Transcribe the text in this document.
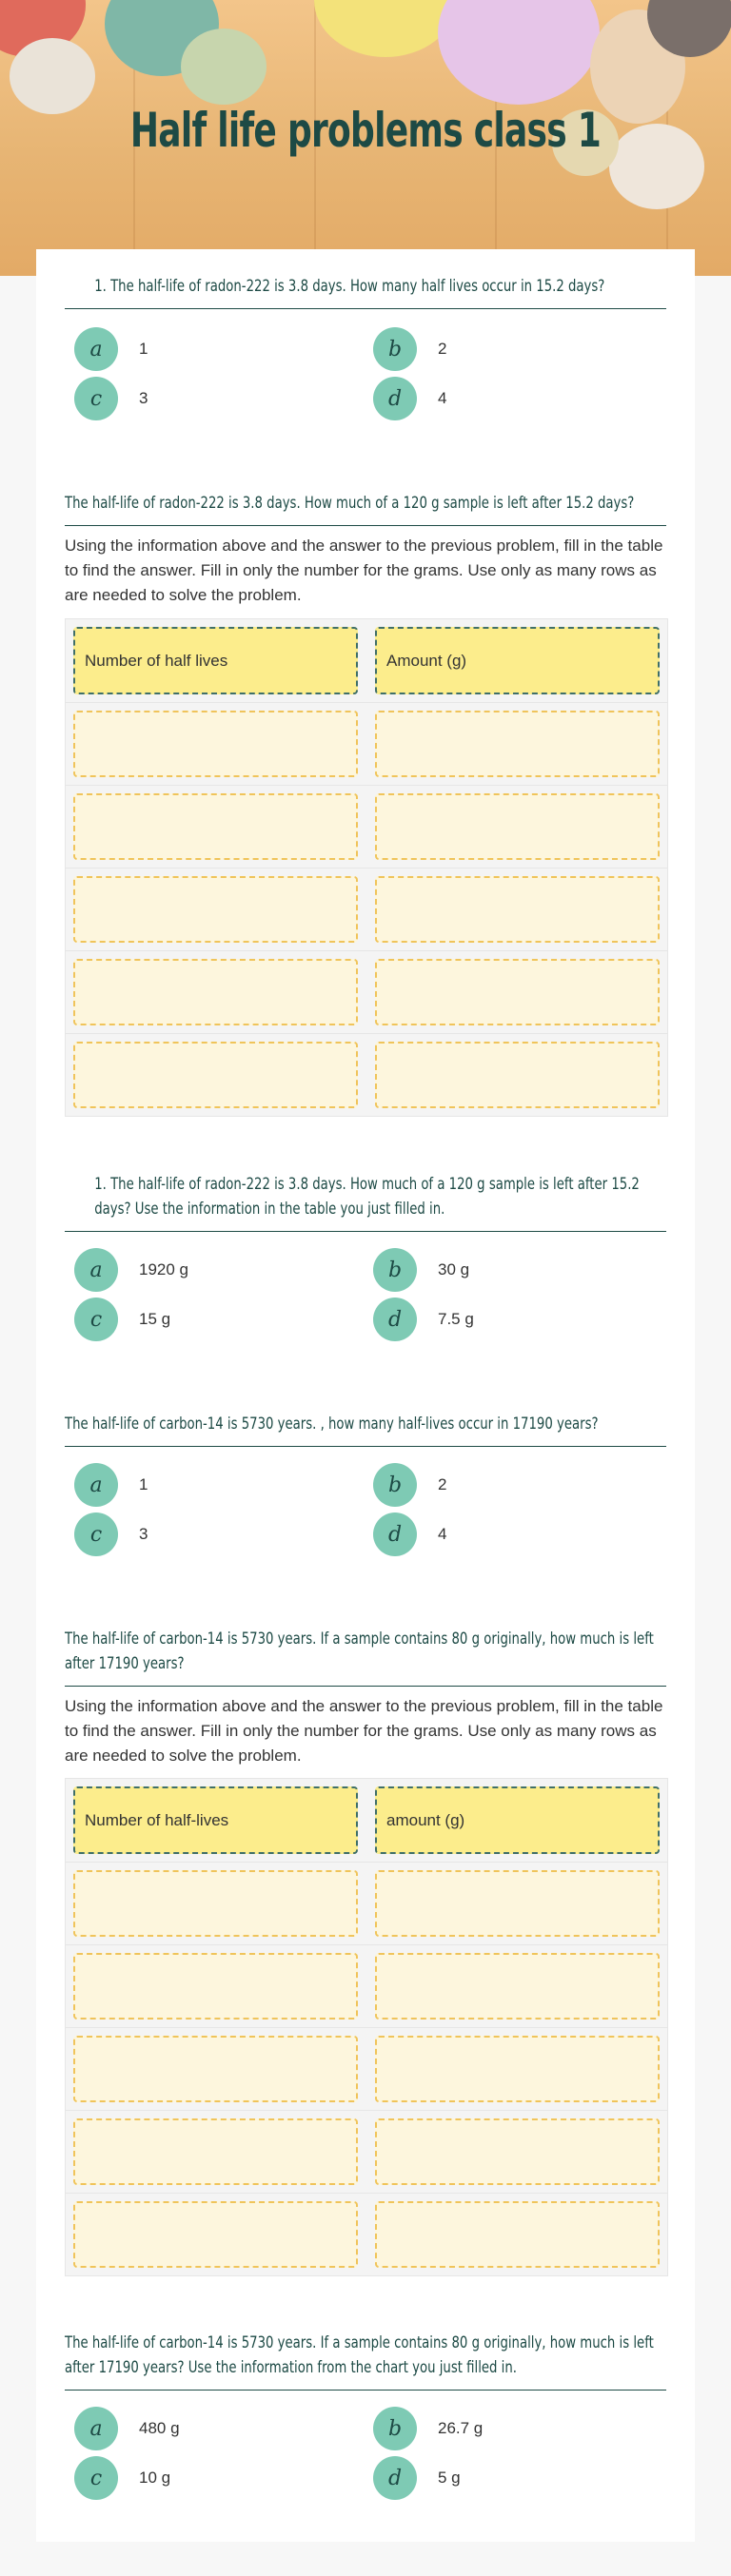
Half life problems class 1
1. The half-life of radon-222 is 3.8 days. How many half lives occur in 15.2 days?
a	1	b	2
c	3	d	4
The half-life of radon-222 is 3.8 days. How much of a 120 g sample is left after 15.2 days?
Using the information above and the answer to the previous problem, fill in the table to find the answer. Fill in only the number for the grams. Use only as many rows as are needed to solve the problem.
Number of half lives	Amount (g)
1. The half-life of radon-222 is 3.8 days. How much of a 120 g sample is left after 15.2 days? Use the information in the table you just filled in.
a	1920 g	b	30 g
c	15 g	d	7.5 g
The half-life of carbon-14 is 5730 years. , how many half-lives occur in 17190 years?
a	1	b	2
c	3	d	4
The half-life of carbon-14 is 5730 years. If a sample contains 80 g originally, how much is left after 17190 years?
Using the information above and the answer to the previous problem, fill in the table to find the answer. Fill in only the number for the grams. Use only as many rows as are needed to solve the problem.
Number of half-lives	amount (g)
The half-life of carbon-14 is 5730 years. If a sample contains 80 g originally, how much is left after 17190 years? Use the information from the chart you just filled in.
a	480 g	b	26.7 g
c	10 g	d	5 g
